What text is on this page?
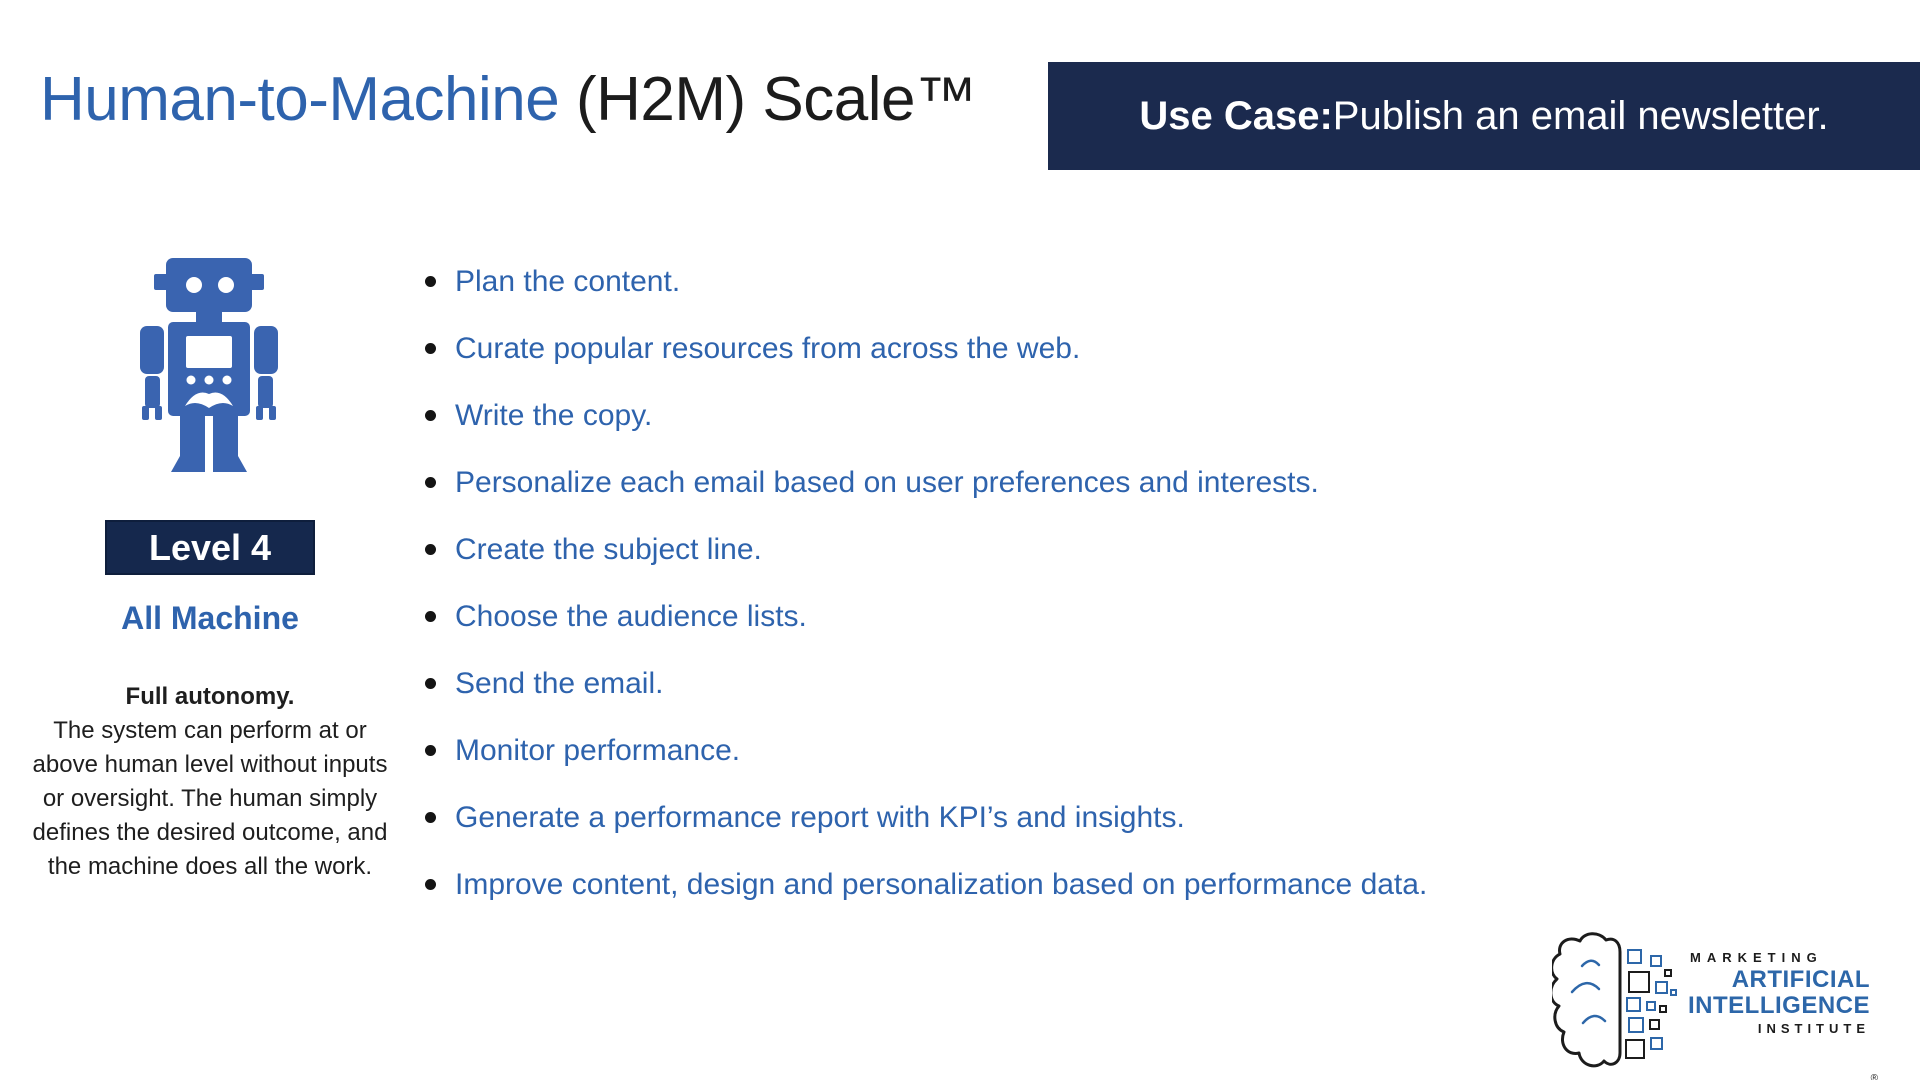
Human-to-Machine (H2M) Scale™	Use Case: Publish an email newsletter.
Level 4
All Machine
Full autonomy.
The system can perform at or above human level without inputs or oversight. The human simply defines the desired outcome, and the machine does all the work.
Plan the content.
Curate popular resources from across the web.
Write the copy.
Personalize each email based on user preferences and interests.
Create the subject line.
Choose the audience lists.
Send the email.
Monitor performance.
Generate a performance report with KPI’s and insights.
Improve content, design and personalization based on performance data.
MARKETING
ARTIFICIAL
INTELLIGENCE
INSTITUTE
®
